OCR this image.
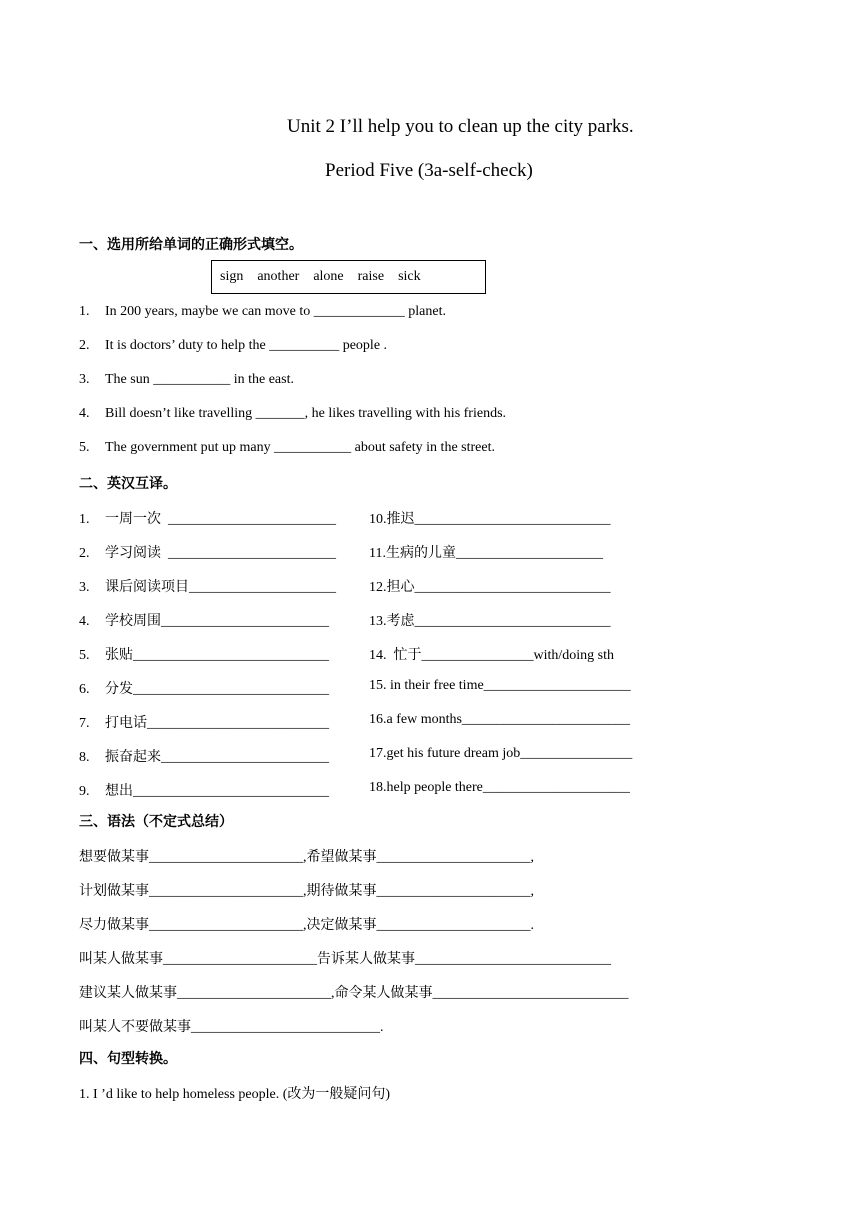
Unit 2 I’ll help you to clean up the city parks.
Period Five (3a-self-check)
一、选用所给单词的正确形式填空。
sign    another    alone    raise    sick
1. In 200 years, maybe we can move to _____________ planet.
2. It is doctors’ duty to help the __________ people .
3. The sun ___________ in the east.
4. Bill doesn’t like travelling _______, he likes travelling with his friends.
5. The government put up many ___________ about safety in the street.
二、英汉互译。
1. 一周一次  ________________________
2. 学习阅读  ________________________
3. 课后阅读项目_____________________
4. 学校周围________________________
5. 张贴____________________________
6. 分发____________________________
7. 打电话__________________________
8. 振奋起来________________________
9. 想出____________________________
10.推迟____________________________
11.生病的儿童_____________________
12.担心____________________________
13.考虑____________________________
14.  忙于________________with/doing sth
15. in their free time_____________________
16.a few months________________________
17.get his future dream job________________
18.help people there_____________________
三、语法（不定式总结）
想要做某事______________________,希望做某事______________________,
计划做某事______________________,期待做某事______________________,
尽力做某事______________________,决定做某事______________________.
叫某人做某事______________________告诉某人做某事____________________________
建议某人做某事______________________,命令某人做某事____________________________
叫某人不要做某事___________________________.
四、句型转换。
1. I ’d like to help homeless people. (改为一般疑问句)
